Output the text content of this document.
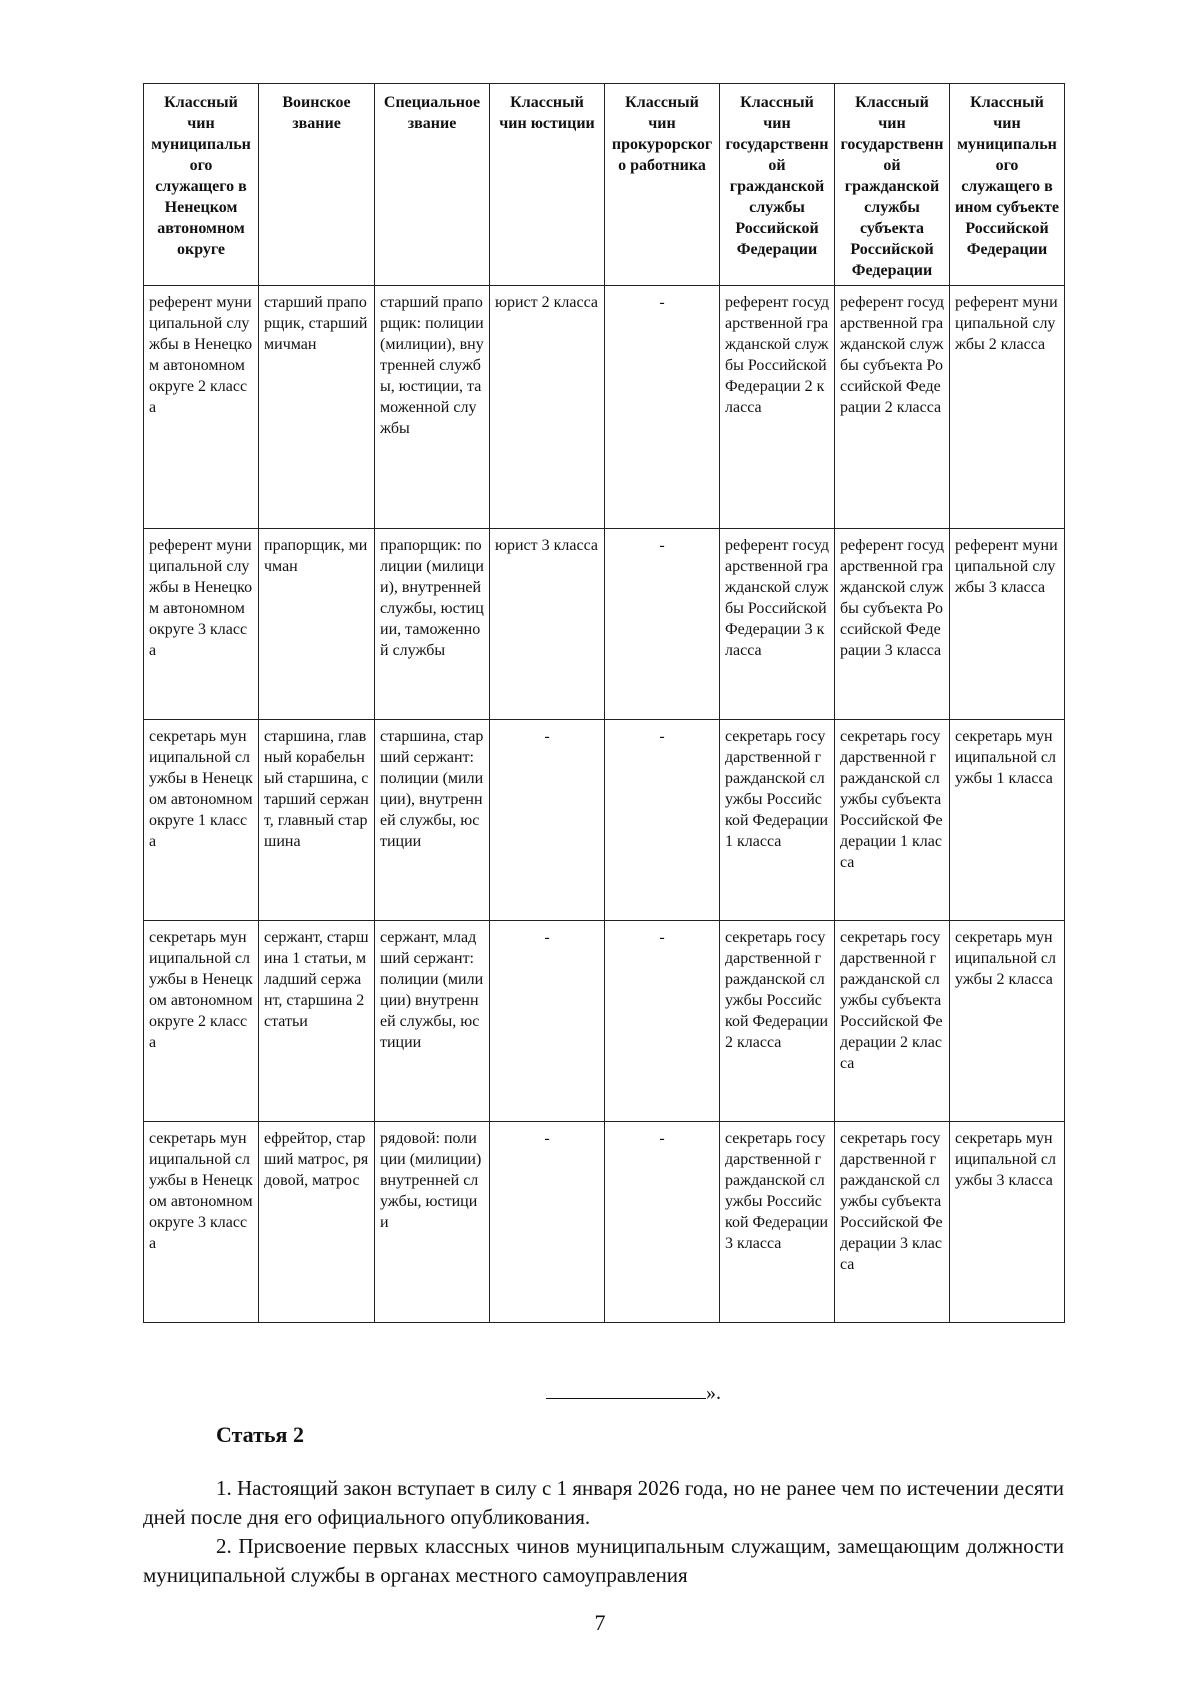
Классный чин муниципального служащего в Ненецком автономном округе	Воинское звание	Специальное звание	Классный чин юстиции	Классный чин прокурорского работника	Классный чин государственной гражданской службы Российской Федерации	Классный чин государственной гражданской службы субъекта Российской Федерации	Классный чин муниципального служащего в ином субъекте Российской Федерации
референт муниципальной службы в Ненецком автономном округе 2 класса	старший прапорщик, старший мичман	старший прапорщик: полиции (милиции), внутренней службы, юстиции, таможенной службы	юрист 2 класса	-	референт государственной гражданской службы Российской Федерации 2 класса	референт государственной гражданской службы субъекта Российской Федерации 2 класса	референт муниципальной службы 2 класса
референт муниципальной службы в Ненецком автономном округе 3 класса	прапорщик, мичман	прапорщик: полиции (милиции), внутренней службы, юстиции, таможенной службы	юрист 3 класса	-	референт государственной гражданской службы Российской Федерации 3 класса	референт государственной гражданской службы субъекта Российской Федерации 3 класса	референт муниципальной службы 3 класса
секретарь муниципальной службы в Ненецком автономном округе 1 класса	старшина, главный корабельный старшина, старший сержант, главный старшина	старшина, старший сержант: полиции (милиции), внутренней службы, юстиции	-	-	секретарь государственной гражданской службы Российской Федерации 1 класса	секретарь государственной гражданской службы субъекта Российской Федерации 1 класса	секретарь муниципальной службы 1 класса
секретарь муниципальной службы в Ненецком автономном округе 2 класса	сержант, старшина 1 статьи, младший сержант, старшина 2 статьи	сержант, младший сержант: полиции (милиции) внутренней службы, юстиции	-	-	секретарь государственной гражданской службы Российской Федерации 2 класса	секретарь государственной гражданской службы субъекта Российской Федерации 2 класса	секретарь муниципальной службы 2 класса
секретарь муниципальной службы в Ненецком автономном округе 3 класса	ефрейтор, старший матрос, рядовой, матрос	рядовой: полиции (милиции) внутренней службы, юстиции	-	-	секретарь государственной гражданской службы Российской Федерации 3 класса	секретарь государственной гражданской службы субъекта Российской Федерации 3 класса	секретарь муниципальной службы 3 класса
».
Статья 2
1. Настоящий закон вступает в силу с 1 января 2026 года, но не ранее чем по истечении десяти дней после дня его официального опубликования.
2. Присвоение первых классных чинов муниципальным служащим, замещающим должности муниципальной службы в органах местного самоуправления
7
